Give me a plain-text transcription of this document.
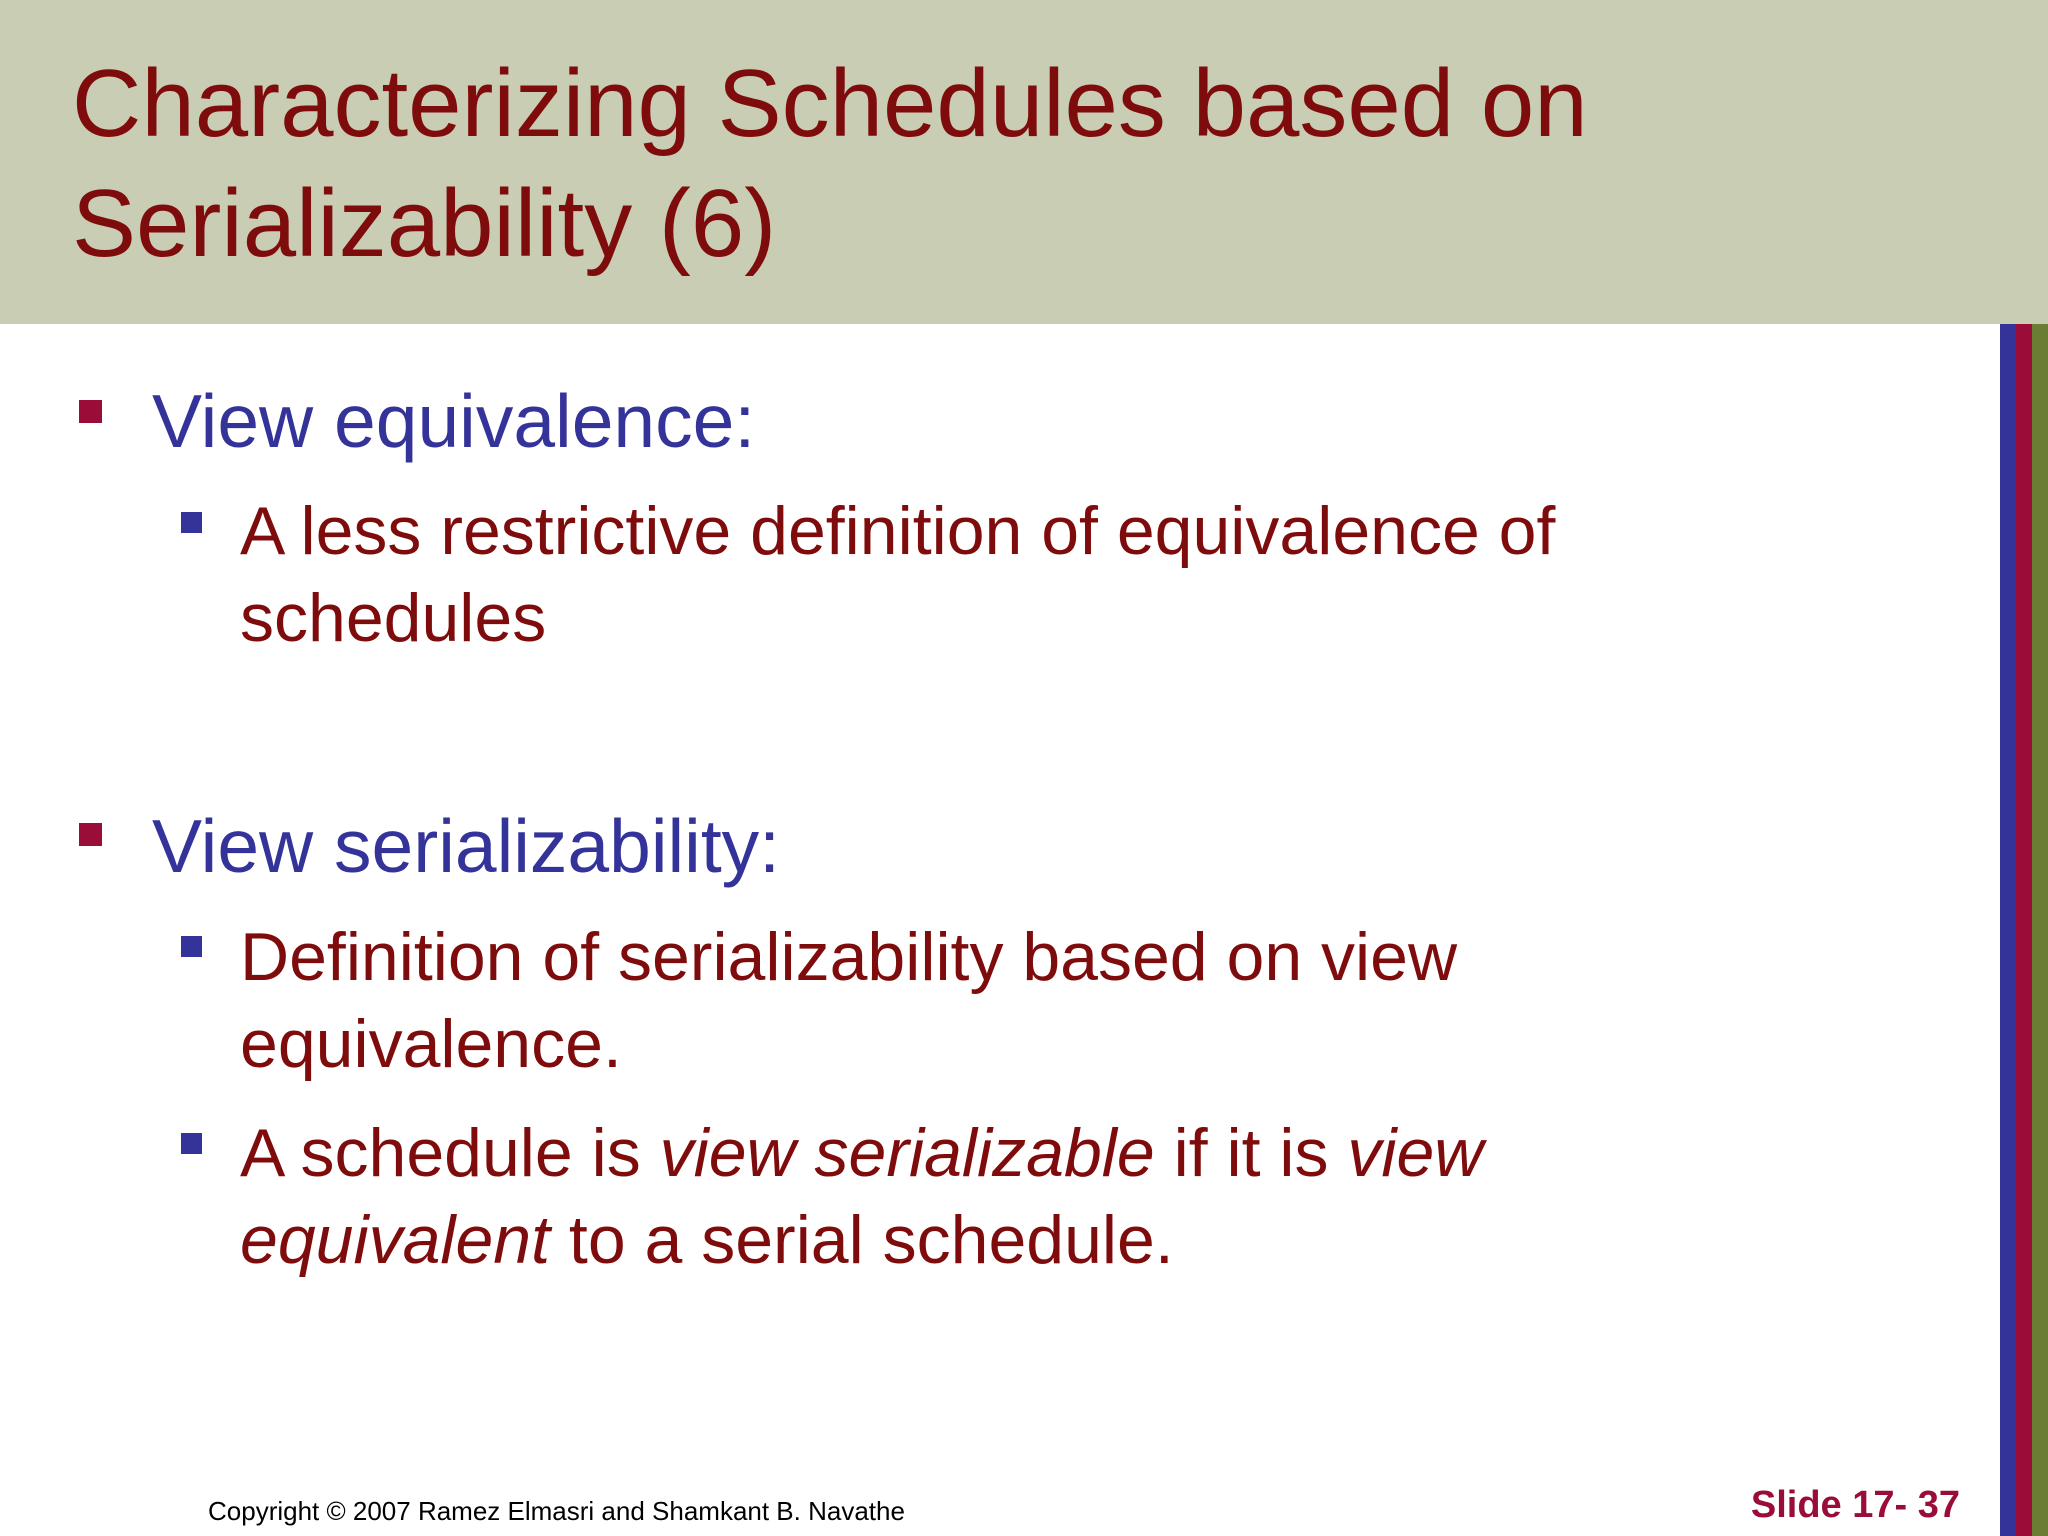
Characterizing Schedules based on
Serializability (6)
View equivalence:
A less restrictive definition of equivalence of
schedules
View serializability:
Definition of serializability based on view
equivalence.
A schedule is view serializable if it is view
equivalent to a serial schedule.
Copyright © 2007 Ramez Elmasri and Shamkant B. Navathe	Slide 17- 37
